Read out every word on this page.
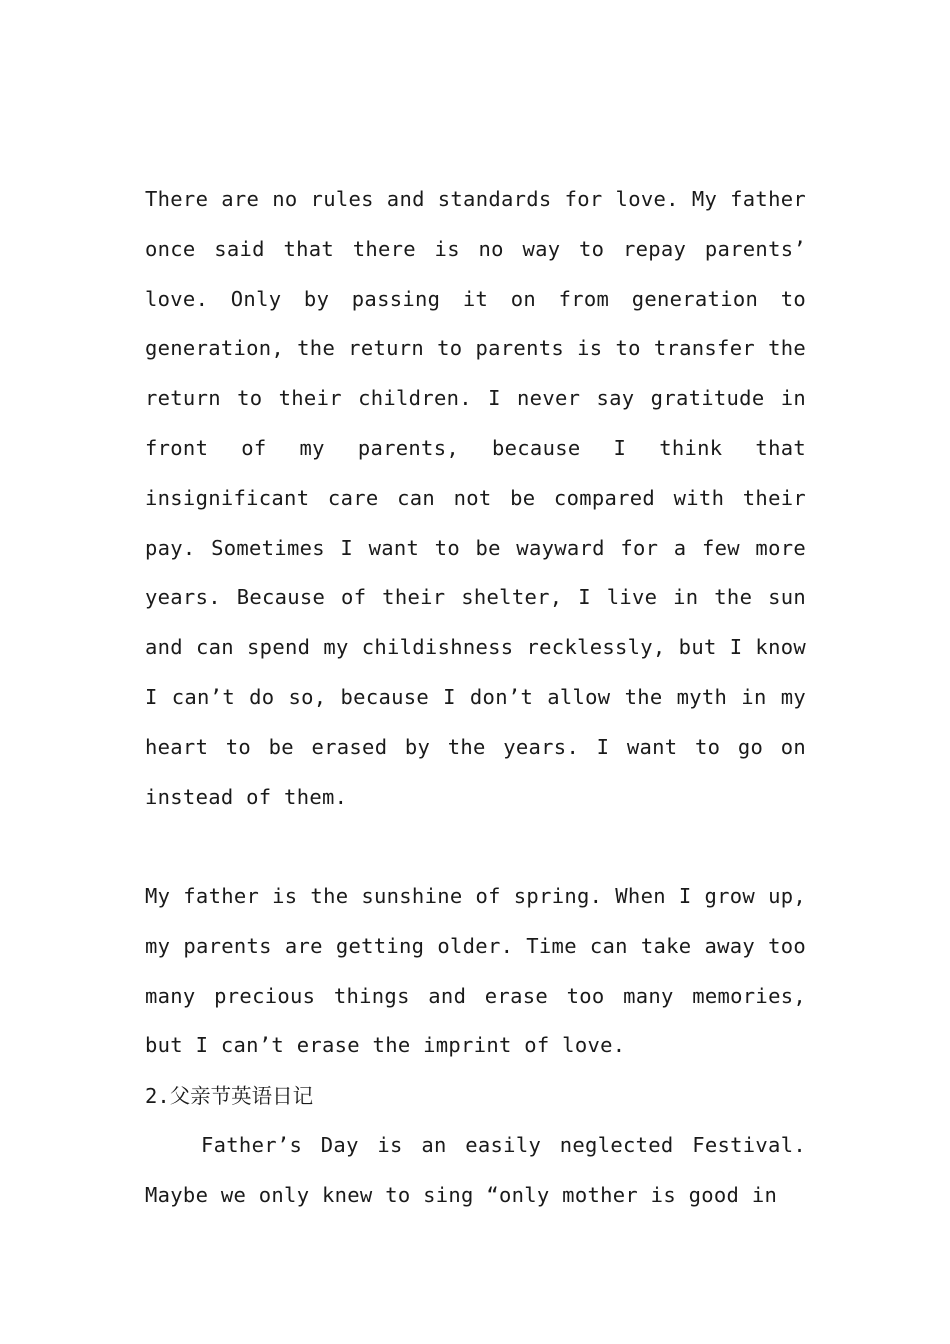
There are no rules and standards for love. My father once said that there is no way to repay parents’ love. Only by passing it on from generation to generation, the return to parents is to transfer the return to their children. I never say gratitude in front of my parents, because I think that insignificant care can not be compared with their pay. Sometimes I want to be wayward for a few more years. Because of their shelter, I live in the sun and can spend my childishness recklessly, but I know I can’t do so, because I don’t allow the myth in my heart to be erased by the years. I want to go on instead of them.

My father is the sunshine of spring. When I grow up, my parents are getting older. Time can take away too many precious things and erase too many memories, but I can’t erase the imprint of love.

2.父亲节英语日记

Father’s Day is an easily neglected Festival. Maybe we only knew to sing “only mother is good in
